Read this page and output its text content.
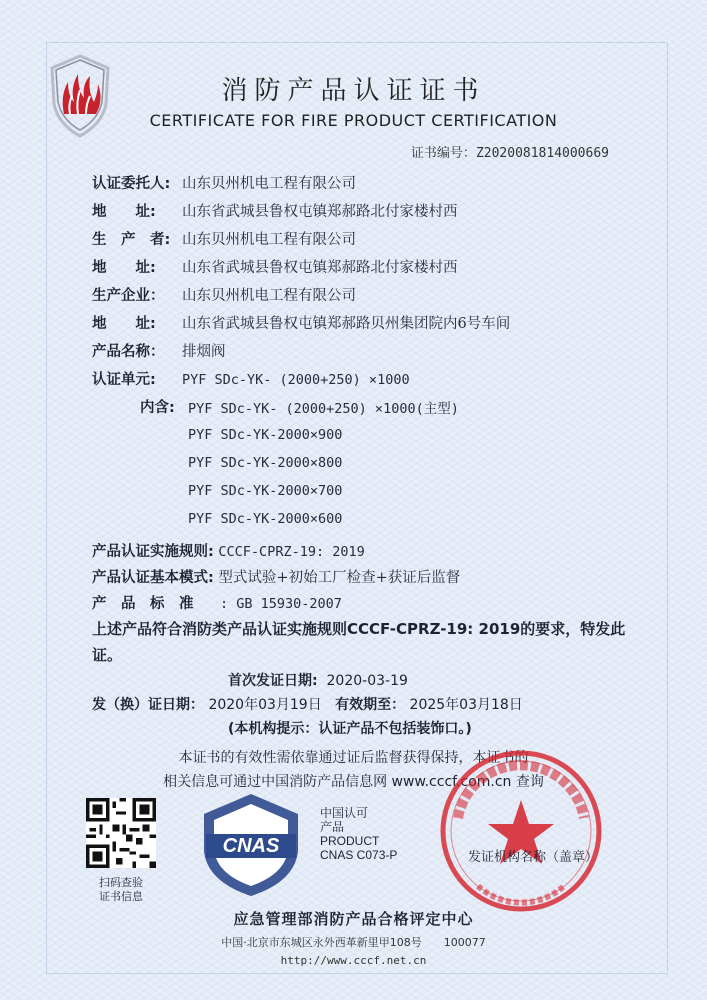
消防产品认证证书
CERTIFICATE FOR FIRE PRODUCT CERTIFICATION
证书编号：Z2020081814000669
认证委托人: 山东贝州机电工程有限公司
地　　址: 山东省武城县鲁权屯镇郑郝路北付家楼村西
生　产　者: 山东贝州机电工程有限公司
地　　址: 山东省武城县鲁权屯镇郑郝路北付家楼村西
生产企业： 山东贝州机电工程有限公司
地　　址: 山东省武城县鲁权屯镇郑郝路贝州集团院内6号车间
产品名称： 排烟阀
认证单元: PYF SDc-YK- (2000+250) ×1000
内含: PYF SDc-YK- (2000+250) ×1000(主型)
PYF SDc-YK-2000×900
PYF SDc-YK-2000×800
PYF SDc-YK-2000×700
PYF SDc-YK-2000×600
产品认证实施规则: CCCF-CPRZ-19: 2019
产品认证基本模式: 型式试验+初始工厂检查+获证后监督
产　品　标　准 : GB 15930-2007
上述产品符合消防类产品认证实施规则CCCF-CPRZ-19: 2019的要求，特发此证。
首次发证日期: 2020-03-19
发（换）证日期： 2020年03月19日 有效期至： 2025年03月18日
(本机构提示：认证产品不包括装饰口。)
本证书的有效性需依靠通过证后监督获得保持，本证书的
相关信息可通过中国消防产品信息网 www.cccf.com.cn 查询
扫码查验
证书信息
CNAS
中国认可
产品
PRODUCT
CNAS C073-P	发证机构名称（盖章）
应急管理部消防产品合格评定中心
中国·北京市东城区永外西革新里甲108号　　100077
http://www.cccf.net.cn
